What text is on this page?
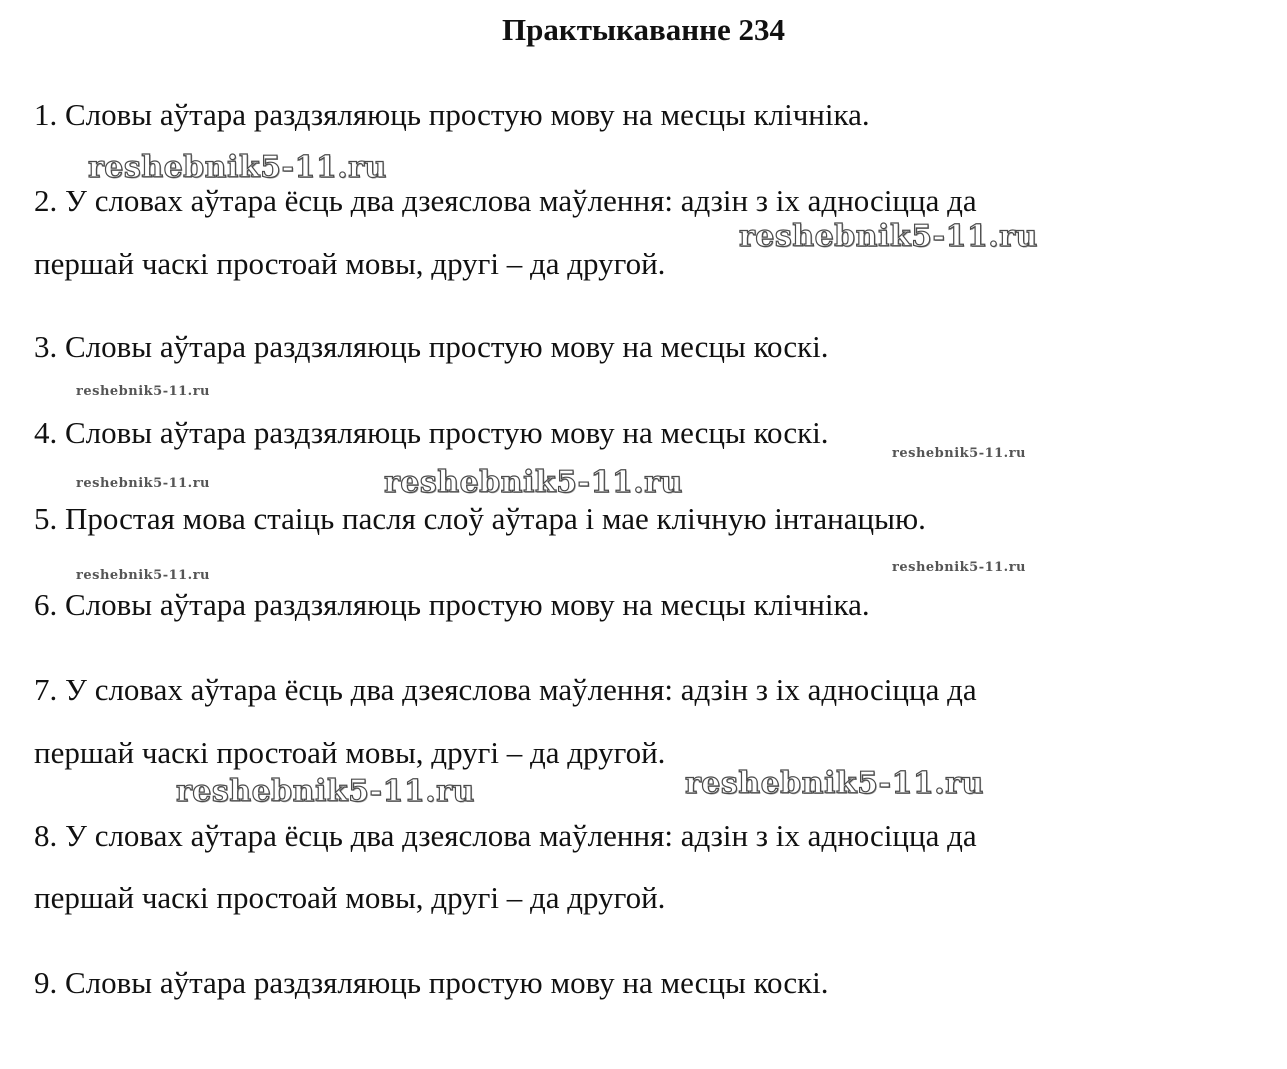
Практыкаванне 234
1. Словы аўтара раздзяляюць простую мову на месцы клічніка.
2. У словах аўтара ёсць два дзеяслова маўлення: адзін з іх адносіцца да
першай часкі простоай мовы, другі – да другой.
3. Словы аўтара раздзяляюць простую мову на месцы коскі.
4. Словы аўтара раздзяляюць простую мову на месцы коскі.
5. Простая мова стаіць пасля слоў аўтара і мае клічную інтанацыю.
6. Словы аўтара раздзяляюць простую мову на месцы клічніка.
7. У словах аўтара ёсць два дзеяслова маўлення: адзін з іх адносіцца да
першай часкі простоай мовы, другі – да другой.
8. У словах аўтара ёсць два дзеяслова маўлення: адзін з іх адносіцца да
першай часкі простоай мовы, другі – да другой.
9. Словы аўтара раздзяляюць простую мову на месцы коскі.
reshebnik5-11.ru
reshebnik5-11.ru
reshebnik5-11.ru
reshebnik5-11.ru
reshebnik5-11.ru	reshebnik5-11.ru
reshebnik5-11.ru
reshebnik5-11.ru
reshebnik5-11.ru	reshebnik5-11.ru
